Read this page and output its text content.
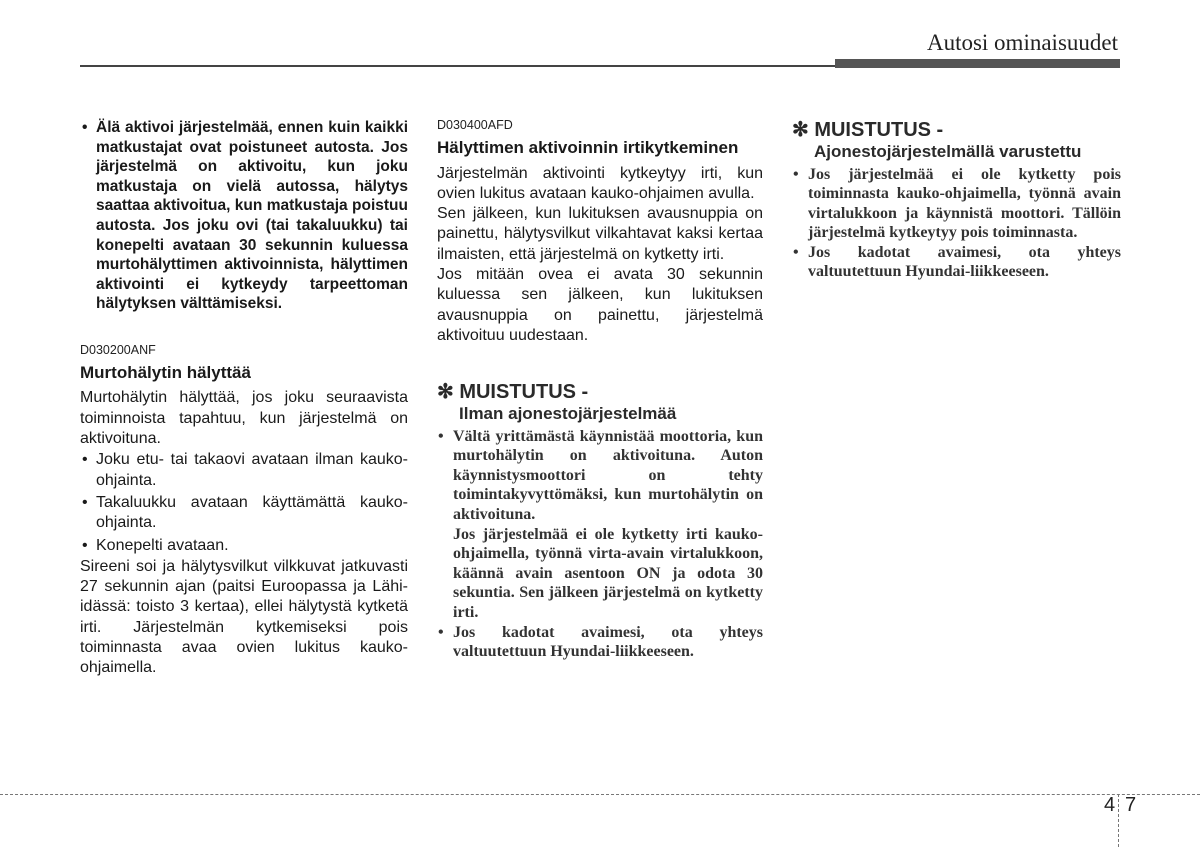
Autosi ominaisuudet
• Älä aktivoi järjestelmää, ennen kuin kaikki matkustajat ovat poistuneet autosta. Jos järjestelmä on aktivoitu, kun joku matkustaja on vielä autossa, hälytys saattaa aktivoitua, kun matkustaja poistuu autosta. Jos joku ovi (tai takaluukku) tai konepelti avataan 30 sekunnin kuluessa murtohälyttimen aktivoinnista, hälyttimen aktivointi ei kytkeydy tarpeettoman hälytyksen välttämiseksi.
D030200ANF
Murtohälytin hälyttää

Murtohälytin hälyttää, jos joku seuraavista toiminnoista tapahtuu, kun järjestelmä on aktivoituna.

• Joku etu- tai takaovi avataan ilman kauko-ohjainta.
• Takaluukku avataan käyttämättä kauko-ohjainta.
• Konepelti avataan.

Sireeni soi ja hälytysvilkut vilkkuvat jatkuvasti 27 sekunnin ajan (paitsi Euroopassa ja Lähi-idässä: toisto 3 kertaa), ellei hälytystä kytketä irti. Järjestelmän kytkemiseksi pois toiminnasta avaa ovien lukitus kauko-ohjaimella.

D030400AFD
Hälyttimen aktivoinnin irtikytkeminen

Järjestelmän aktivointi kytkeytyy irti, kun ovien lukitus avataan kauko-ohjaimen avulla.

Sen jälkeen, kun lukituksen avausnuppia on painettu, hälytysvilkut vilkahtavat kaksi kertaa ilmaisten, että järjestelmä on kytketty irti.

Jos mitään ovea ei avata 30 sekunnin kuluessa sen jälkeen, kun lukituksen avausnuppia on painettu, järjestelmä aktivoituu uudestaan.

✻ MUISTUTUS -
Ilman ajonestojärjestelmää
• Vältä yrittämästä käynnistää moottoria, kun murtohälytin on aktivoituna. Auton käynnistysmoottori on tehty toimintakyvyttömäksi, kun murtohälytin on aktivoituna.
Jos järjestelmää ei ole kytketty irti kauko-ohjaimella, työnnä virta-avain virtalukkoon, käännä avain asentoon ON ja odota 30 sekuntia. Sen jälkeen järjestelmä on kytketty irti.
• Jos kadotat avaimesi, ota yhteys valtuutettuun Hyundai-liikkeeseen.
✻ MUISTUTUS -
Ajonestojärjestelmällä varustettu
• Jos järjestelmää ei ole kytketty pois toiminnasta kauko-ohjaimella, työnnä avain virtalukkoon ja käynnistä moottori. Tällöin järjestelmä kytkeytyy pois toiminnasta.
• Jos kadotat avaimesi, ota yhteys valtuutettuun Hyundai-liikkeeseen.
4 7
